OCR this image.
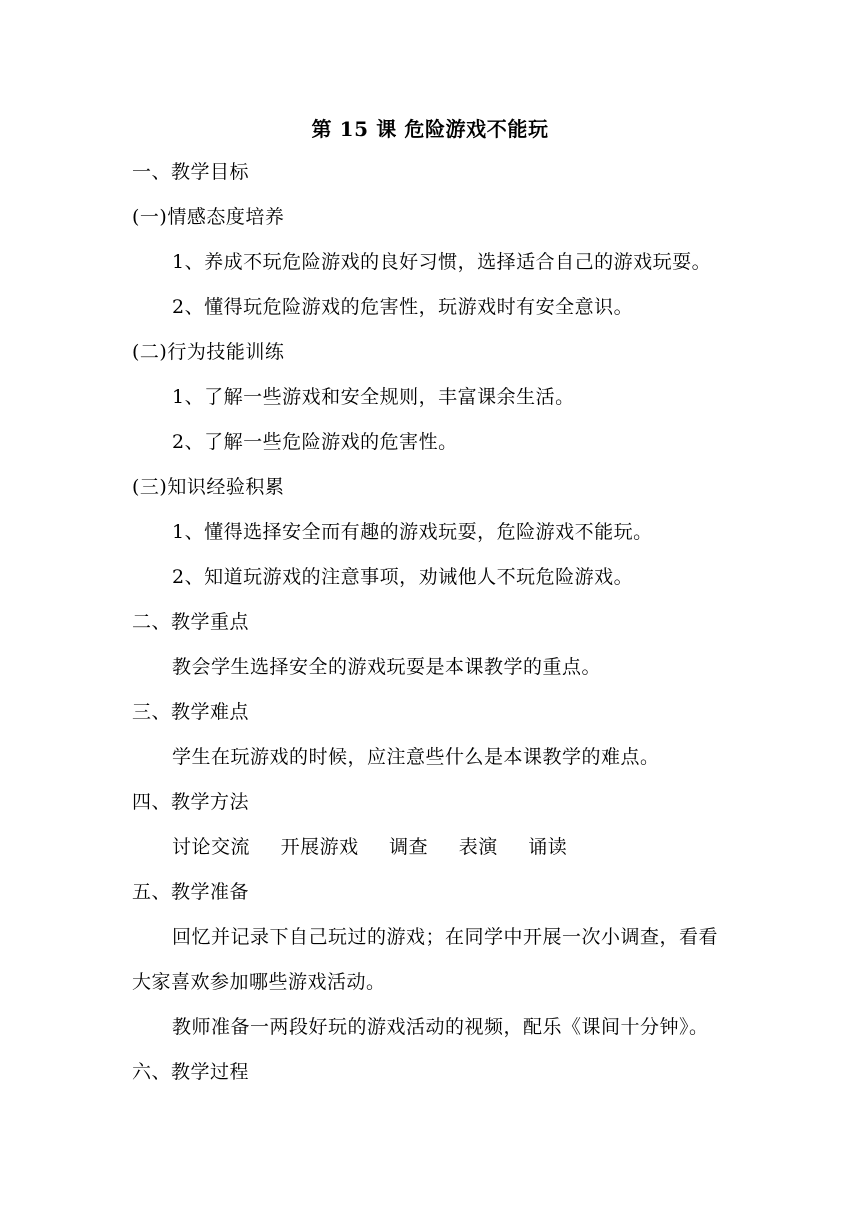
第 15 课 危险游戏不能玩
一、教学目标
(一)情感态度培养
1、养成不玩危险游戏的良好习惯，选择适合自己的游戏玩耍。
2、懂得玩危险游戏的危害性，玩游戏时有安全意识。
(二)行为技能训练
1、了解一些游戏和安全规则，丰富课余生活。
2、了解一些危险游戏的危害性。
(三)知识经验积累
1、懂得选择安全而有趣的游戏玩耍，危险游戏不能玩。
2、知道玩游戏的注意事项，劝诫他人不玩危险游戏。
二、教学重点
教会学生选择安全的游戏玩耍是本课教学的重点。
三、教学难点
学生在玩游戏的时候，应注意些什么是本课教学的难点。
四、教学方法
讨论交流 开展游戏 调查 表演 诵读
五、教学准备
回忆并记录下自己玩过的游戏；在同学中开展一次小调查，看看
大家喜欢参加哪些游戏活动。
教师准备一两段好玩的游戏活动的视频，配乐《课间十分钟》。
六、教学过程
